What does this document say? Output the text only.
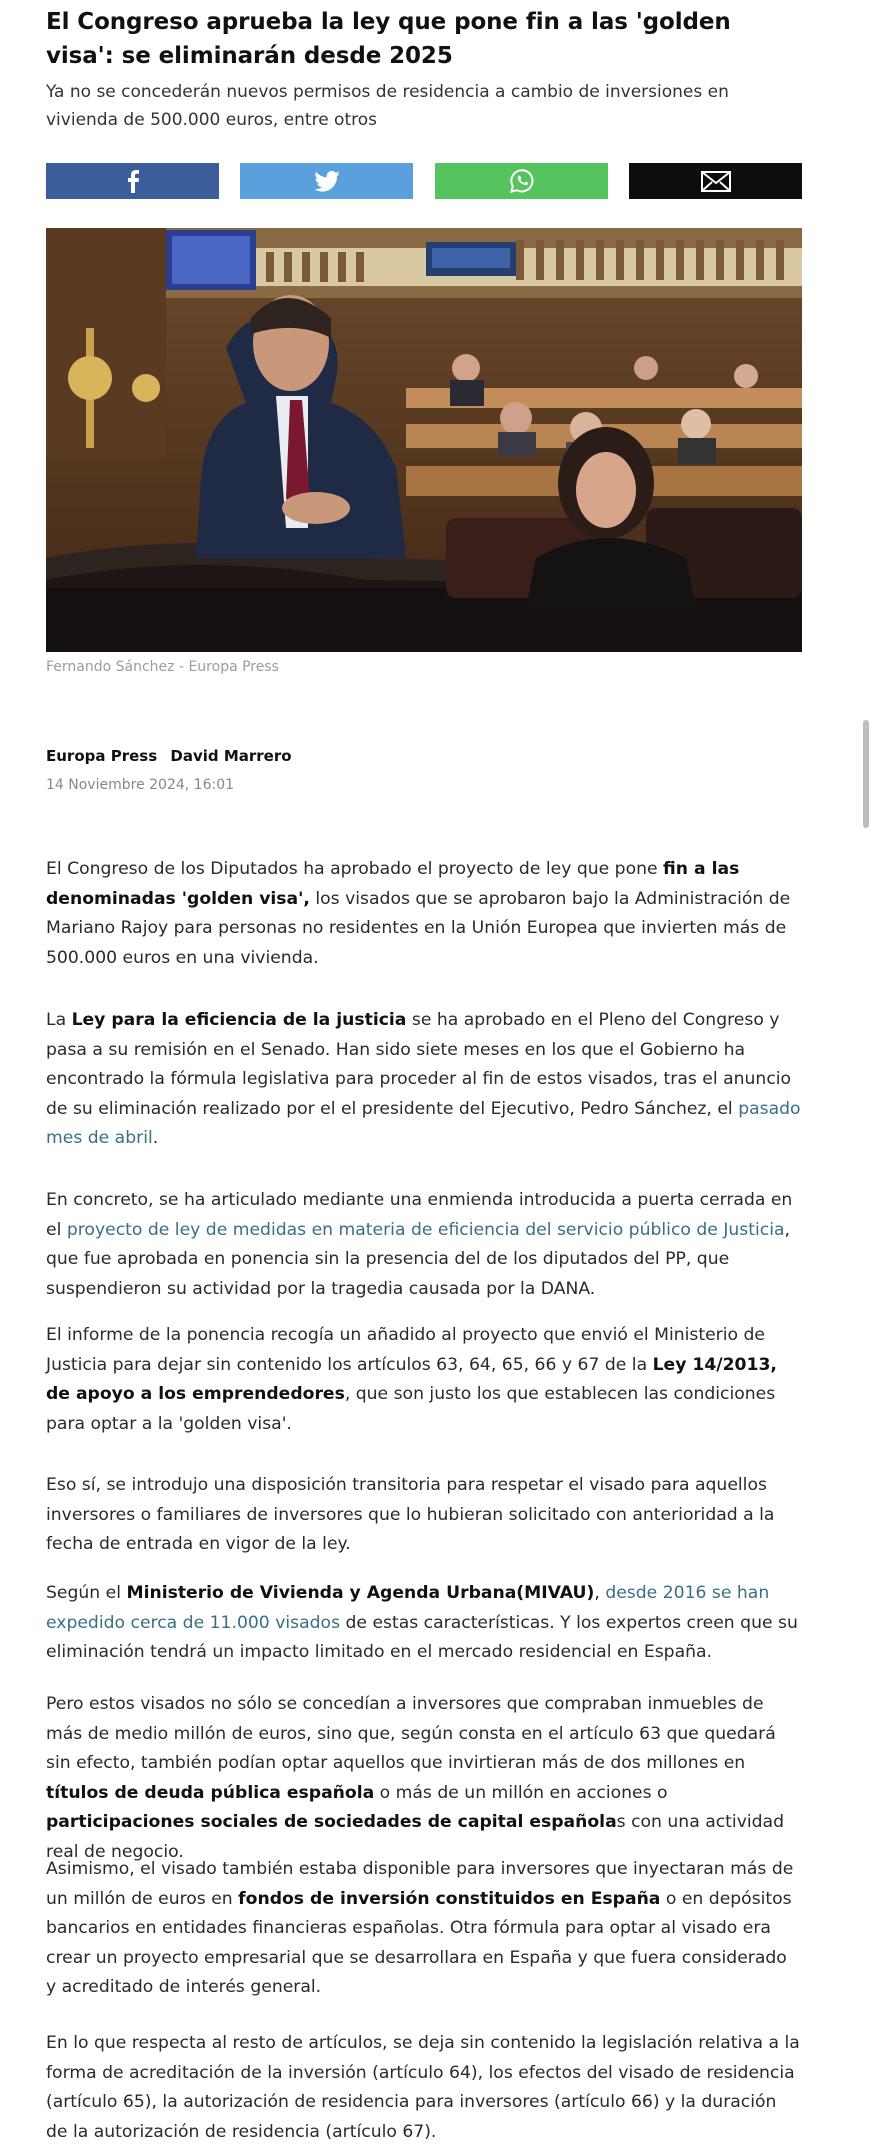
El Congreso aprueba la ley que pone fin a las 'golden visa': se eliminarán desde 2025

Ya no se concederán nuevos permisos de residencia a cambio de inversiones en vivienda de 500.000 euros, entre otros

Fernando Sánchez - Europa Press
Europa Press David Marrero
14 Noviembre 2024, 16:01

El Congreso de los Diputados ha aprobado el proyecto de ley que pone fin a las denominadas 'golden visa', los visados que se aprobaron bajo la Administración de Mariano Rajoy para personas no residentes en la Unión Europea que invierten más de 500.000 euros en una vivienda.

La Ley para la eficiencia de la justicia se ha aprobado en el Pleno del Congreso y pasa a su remisión en el Senado. Han sido siete meses en los que el Gobierno ha encontrado la fórmula legislativa para proceder al fin de estos visados, tras el anuncio de su eliminación realizado por el el presidente del Ejecutivo, Pedro Sánchez, el pasado mes de abril.

En concreto, se ha articulado mediante una enmienda introducida a puerta cerrada en el proyecto de ley de medidas en materia de eficiencia del servicio público de Justicia, que fue aprobada en ponencia sin la presencia del de los diputados del PP, que suspendieron su actividad por la tragedia causada por la DANA.

El informe de la ponencia recogía un añadido al proyecto que envió el Ministerio de Justicia para dejar sin contenido los artículos 63, 64, 65, 66 y 67 de la Ley 14/2013, de apoyo a los emprendedores, que son justo los que establecen las condiciones para optar a la 'golden visa'.

Eso sí, se introdujo una disposición transitoria para respetar el visado para aquellos inversores o familiares de inversores que lo hubieran solicitado con anterioridad a la fecha de entrada en vigor de la ley.

Según el Ministerio de Vivienda y Agenda Urbana(MIVAU), desde 2016 se han expedido cerca de 11.000 visados de estas características. Y los expertos creen que su eliminación tendrá un impacto limitado en el mercado residencial en España.

Pero estos visados no sólo se concedían a inversores que compraban inmuebles de más de medio millón de euros, sino que, según consta en el artículo 63 que quedará sin efecto, también podían optar aquellos que invirtieran más de dos millones en títulos de deuda pública española o más de un millón en acciones o participaciones sociales de sociedades de capital españolas con una actividad real de negocio.

Asimismo, el visado también estaba disponible para inversores que inyectaran más de un millón de euros en fondos de inversión constituidos en España o en depósitos bancarios en entidades financieras españolas. Otra fórmula para optar al visado era crear un proyecto empresarial que se desarrollara en España y que fuera considerado y acreditado de interés general.

En lo que respecta al resto de artículos, se deja sin contenido la legislación relativa a la forma de acreditación de la inversión (artículo 64), los efectos del visado de residencia (artículo 65), la autorización de residencia para inversores (artículo 66) y la duración de la autorización de residencia (artículo 67).
